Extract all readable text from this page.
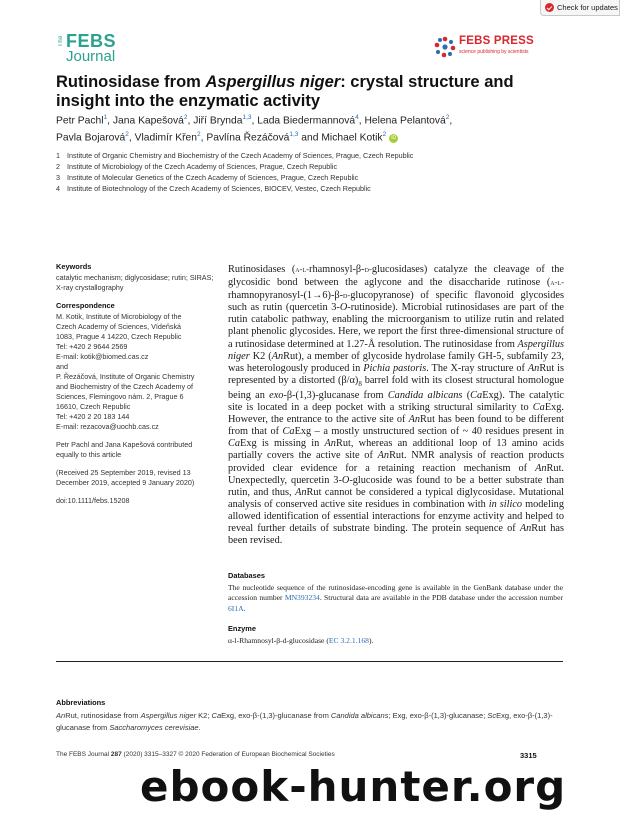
Check for updates
The FEBS
Journal
FEBS PRESS
science publishing by scientists
Rutinosidase from Aspergillus niger: crystal structure and insight into the enzymatic activity
Petr Pachl$^1$, Jana Kapešová$^2$, Jiří Brynda$^{1,3}$, Lada Biedermannová$^4$, Helena Pelantová$^2$,
Pavla Bojarová$^2$, Vladimír Křen$^2$, Pavlína Řezáčová$^{1,3}$ and Michael Kotik$^2$ iD
1 Institute of Organic Chemistry and Biochemistry of the Czech Academy of Sciences, Prague, Czech Republic
2 Institute of Microbiology of the Czech Academy of Sciences, Prague, Czech Republic
3 Institute of Molecular Genetics of the Czech Academy of Sciences, Prague, Czech Republic
4 Institute of Biotechnology of the Czech Academy of Sciences, BIOCEV, Vestec, Czech Republic
Keywords

catalytic mechanism; diglycosidase; rutin; SIRAS; X-ray crystallography

Correspondence

M. Kotik, Institute of Microbiology of the
Czech Academy of Sciences, Vídeňská
1083, Prague 4 14220, Czech Republic
Tel: +420 2 9644 2569
E-mail: kotik@biomed.cas.cz
and
P. Řezáčová, Institute of Organic Chemistry
and Biochemistry of the Czech Academy of
Sciences, Flemingovo nám. 2, Prague 6
16610, Czech Republic
Tel: +420 2 20 183 144
E-mail: rezacova@uochb.cas.cz

Petr Pachl and Jana Kapešová contributed
equally to this article

(Received 25 September 2019, revised 13
December 2019, accepted 9 January 2020)

doi:10.1111/febs.15208

Rutinosidases (α-l-rhamnosyl-β-d-glucosidases) catalyze the cleavage of the glycosidic bond between the aglycone and the disaccharide rutinose (α-l-rhamnopyranosyl-(1→6)-β-d-glucopyranose) of specific flavonoid glycosides such as rutin (quercetin 3-O-rutinoside). Microbial rutinosidases are part of the rutin catabolic pathway, enabling the microorganism to utilize rutin and related plant phenolic glycosides. Here, we report the first three-dimensional structure of a rutinosidase determined at 1.27-Å resolution. The rutinosidase from Aspergillus niger K2 (AnRut), a member of glycoside hydrolase family GH-5, subfamily 23, was heterologously produced in Pichia pastoris. The X-ray structure of AnRut is represented by a distorted $(\beta/\alpha)_8$ barrel fold with its closest structural homologue being an exo-β-(1,3)-glucanase from Candida albicans (CaExg). The catalytic site is located in a deep pocket with a striking structural similarity to CaExg. However, the entrance to the active site of AnRut has been found to be different from that of CaExg – a mostly unstructured section of ~ 40 residues present in CaExg is missing in AnRut, whereas an additional loop of 13 amino acids partially covers the active site of AnRut. NMR analysis of reaction products provided clear evidence for a retaining reaction mechanism of AnRut. Unexpectedly, quercetin 3-O-glucoside was found to be a better substrate than rutin, and thus, AnRut cannot be considered a typical diglycosidase. Mutational analysis of conserved active site residues in combination with in silico modeling allowed identification of essential interactions for enzyme activity and helped to reveal further details of substrate binding. The protein sequence of AnRut has been revised.

Databases
The nucleotide sequence of the rutinosidase-encoding gene is available in the GenBank database under the accession number MN393234. Structural data are available in the PDB database under the accession number 6I1A.
Enzyme
α-l-Rhamnosyl-β-d-glucosidase (EC 3.2.1.168).
Abbreviations
AnRut, rutinosidase from Aspergillus niger K2; CaExg, exo-β-(1,3)-glucanase from Candida albicans; Exg, exo-β-(1,3)-glucanase; ScExg, exo-β-(1,3)-glucanase from Saccharomyces cerevisiae.
The FEBS Journal 287 (2020) 3315–3327 © 2020 Federation of European Biochemical Societies	3315
ebook-hunter.org
